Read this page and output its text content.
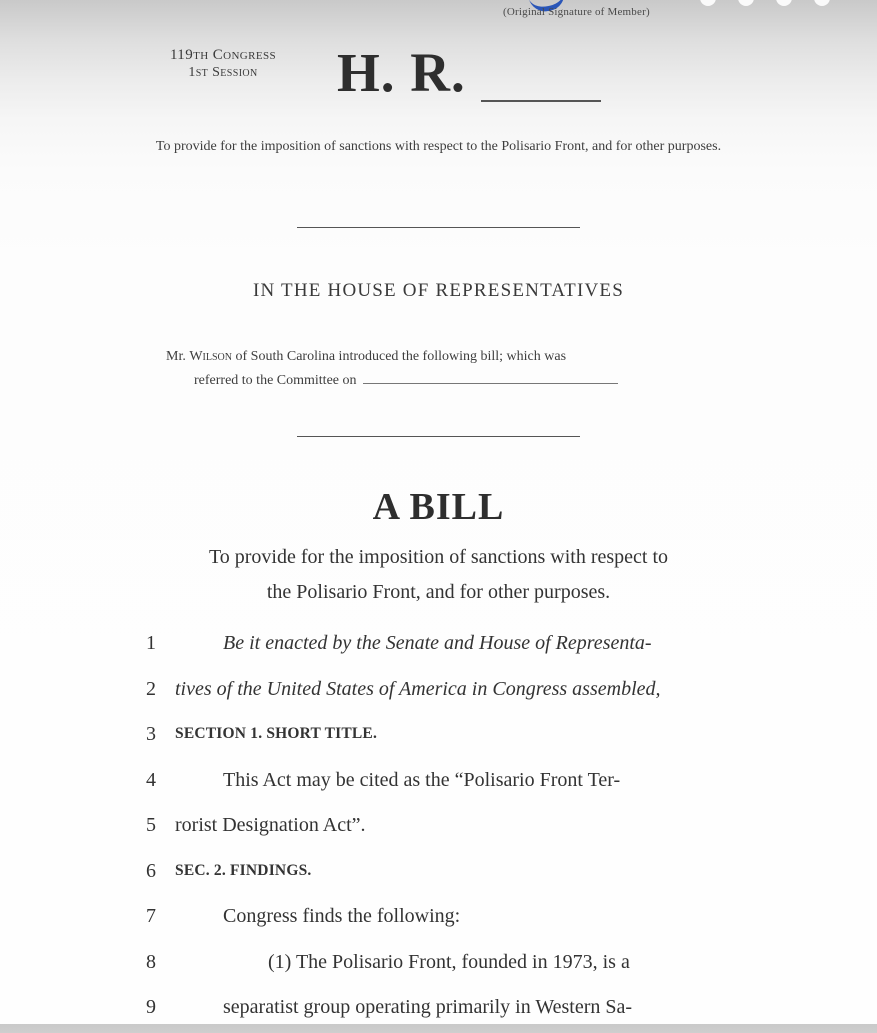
(Original Signature of Member)
119th Congress
1st Session	H. R.
To provide for the imposition of sanctions with respect to the Polisario Front, and for other purposes.
IN THE HOUSE OF REPRESENTATIVES
Mr. Wilson of South Carolina introduced the following bill; which was
referred to the Committee on
A BILL
To provide for the imposition of sanctions with respect to
the Polisario Front, and for other purposes.
1	Be it enacted by the Senate and House of Representa-
2 tives of the United States of America in Congress assembled,
3	SECTION 1. SHORT TITLE.
4	This Act may be cited as the “Polisario Front Ter-
5 rorist Designation Act”.
6	SEC. 2. FINDINGS.
7	Congress finds the following:
8	(1) The Polisario Front, founded in 1973, is a
9	separatist group operating primarily in Western Sa-
